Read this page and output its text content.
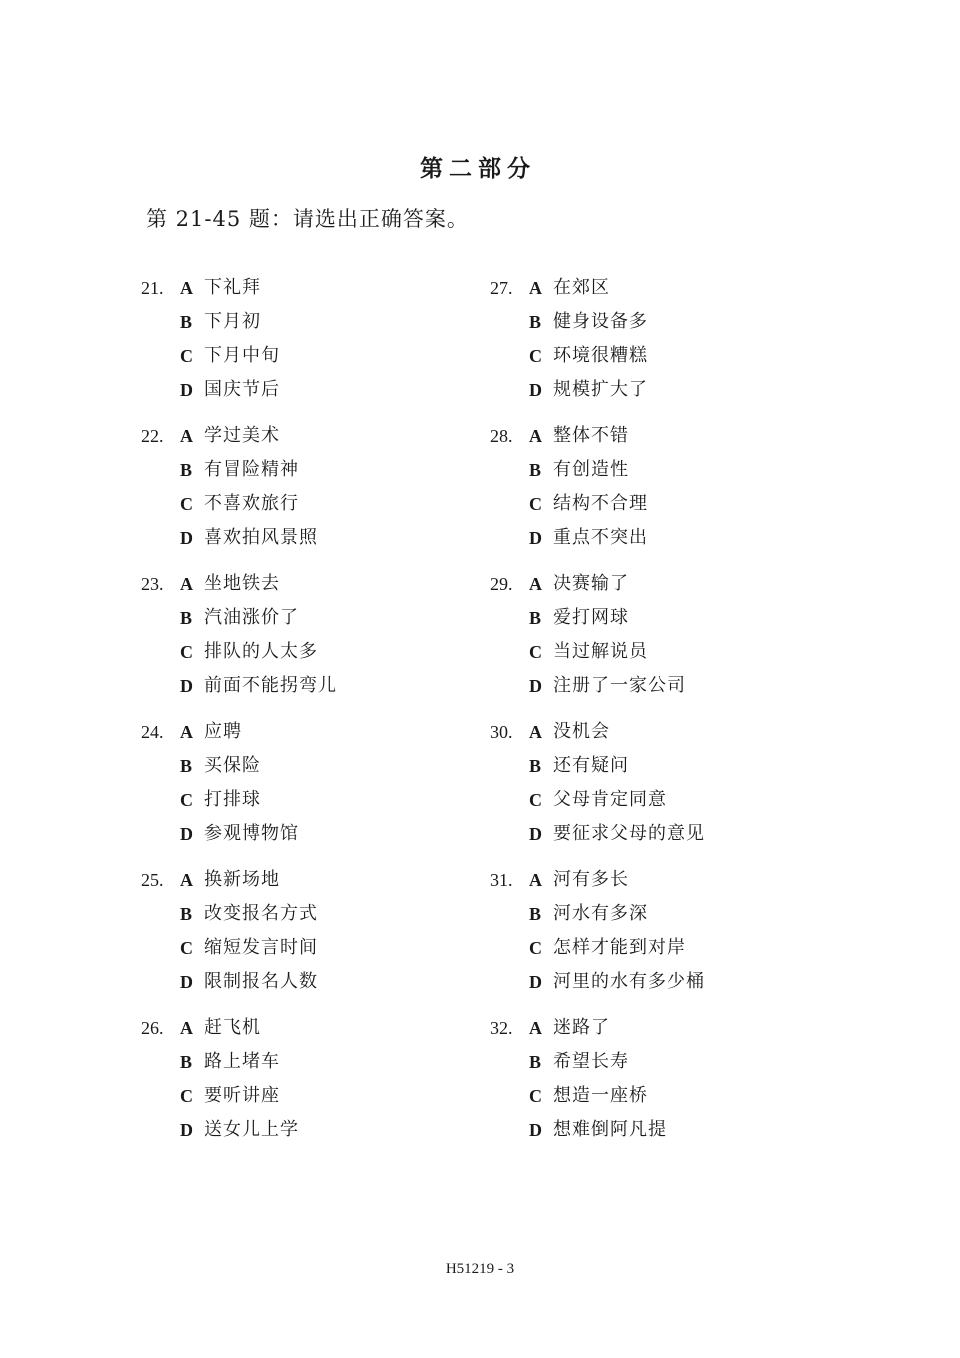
第二部分
第 21-45 题：请选出正确答案。
21. A 下礼拜
B 下月初
C 下月中旬
D 国庆节后
22. A 学过美术
B 有冒险精神
C 不喜欢旅行
D 喜欢拍风景照
23. A 坐地铁去
B 汽油涨价了
C 排队的人太多
D 前面不能拐弯儿
24. A 应聘
B 买保险
C 打排球
D 参观博物馆
25. A 换新场地
B 改变报名方式
C 缩短发言时间
D 限制报名人数
26. A 赶飞机
B 路上堵车
C 要听讲座
D 送女儿上学
27. A 在郊区
B 健身设备多
C 环境很糟糕
D 规模扩大了
28. A 整体不错
B 有创造性
C 结构不合理
D 重点不突出
29. A 决赛输了
B 爱打网球
C 当过解说员
D 注册了一家公司
30. A 没机会
B 还有疑问
C 父母肯定同意
D 要征求父母的意见
31. A 河有多长
B 河水有多深
C 怎样才能到对岸
D 河里的水有多少桶
32. A 迷路了
B 希望长寿
C 想造一座桥
D 想难倒阿凡提
H51219 - 3
